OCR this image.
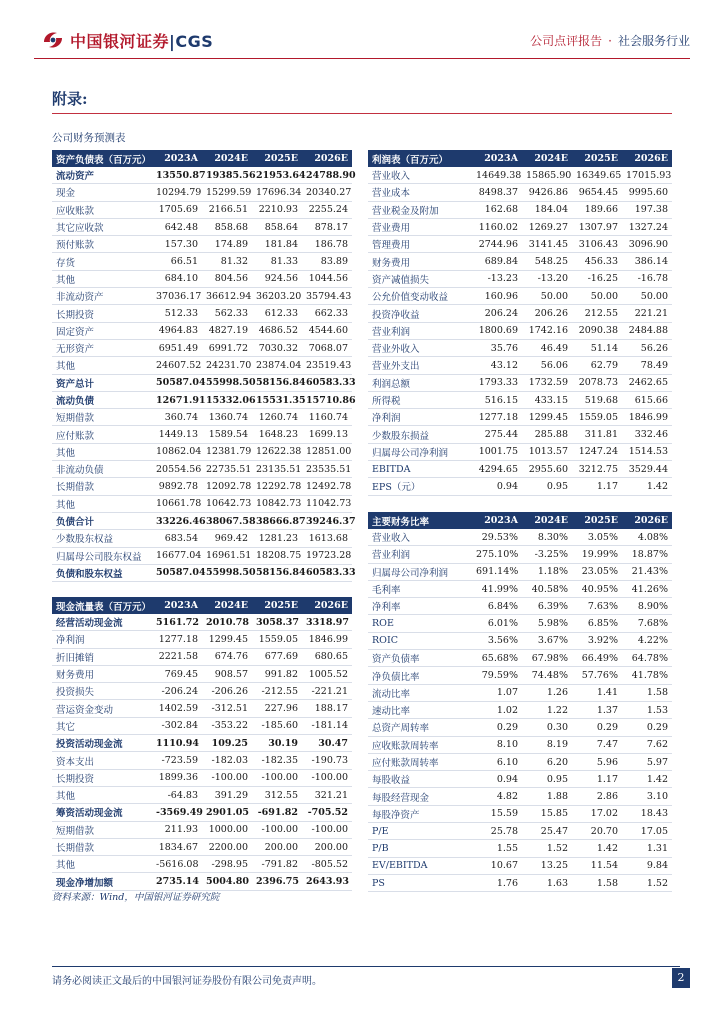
中国银河证券|CGS	公司点评报告 · 社会服务行业
附录:
公司财务预测表
资产负债表（百万元）	2023A	2024E	2025E	2026E
流动资产	13550.87	19385.56	21953.64	24788.90
现金	10294.79	15299.59	17696.34	20340.27
应收账款	1705.69	2166.51	2210.93	2255.24
其它应收款	642.48	858.68	858.64	878.17
预付账款	157.30	174.89	181.84	186.78
存货	66.51	81.32	81.33	83.89
其他	684.10	804.56	924.56	1044.56
非流动资产	37036.17	36612.94	36203.20	35794.43
长期投资	512.33	562.33	612.33	662.33
固定资产	4964.83	4827.19	4686.52	4544.60
无形资产	6951.49	6991.72	7030.32	7068.07
其他	24607.52	24231.70	23874.04	23519.43
资产总计	50587.04	55998.50	58156.84	60583.33
流动负债	12671.91	15332.06	15531.35	15710.86
短期借款	360.74	1360.74	1260.74	1160.74
应付账款	1449.13	1589.54	1648.23	1699.13
其他	10862.04	12381.79	12622.38	12851.00
非流动负债	20554.56	22735.51	23135.51	23535.51
长期借款	9892.78	12092.78	12292.78	12492.78
其他	10661.78	10642.73	10842.73	11042.73
负债合计	33226.46	38067.58	38666.87	39246.37
少数股东权益	683.54	969.42	1281.23	1613.68
归属母公司股东权益	16677.04	16961.51	18208.75	19723.28
负债和股东权益	50587.04	55998.50	58156.84	60583.33
利润表（百万元）	2023A	2024E	2025E	2026E
营业收入	14649.38	15865.90	16349.65	17015.93
营业成本	8498.37	9426.86	9654.45	9995.60
营业税金及附加	162.68	184.04	189.66	197.38
营业费用	1160.02	1269.27	1307.97	1327.24
管理费用	2744.96	3141.45	3106.43	3096.90
财务费用	689.84	548.25	456.33	386.14
资产减值损失	-13.23	-13.20	-16.25	-16.78
公允价值变动收益	160.96	50.00	50.00	50.00
投资净收益	206.24	206.26	212.55	221.21
营业利润	1800.69	1742.16	2090.38	2484.88
营业外收入	35.76	46.49	51.14	56.26
营业外支出	43.12	56.06	62.79	78.49
利润总额	1793.33	1732.59	2078.73	2462.65
所得税	516.15	433.15	519.68	615.66
净利润	1277.18	1299.45	1559.05	1846.99
少数股东损益	275.44	285.88	311.81	332.46
归属母公司净利润	1001.75	1013.57	1247.24	1514.53
EBITDA	4294.65	2955.60	3212.75	3529.44
EPS（元）	0.94	0.95	1.17	1.42
现金流量表（百万元）	2023A	2024E	2025E	2026E
经营活动现金流	5161.72	2010.78	3058.37	3318.97
净利润	1277.18	1299.45	1559.05	1846.99
折旧摊销	2221.58	674.76	677.69	680.65
财务费用	769.45	908.57	991.82	1005.52
投资损失	-206.24	-206.26	-212.55	-221.21
营运资金变动	1402.59	-312.51	227.96	188.17
其它	-302.84	-353.22	-185.60	-181.14
投资活动现金流	1110.94	109.25	30.19	30.47
资本支出	-723.59	-182.03	-182.35	-190.73
长期投资	1899.36	-100.00	-100.00	-100.00
其他	-64.83	391.29	312.55	321.21
筹资活动现金流	-3569.49	2901.05	-691.82	-705.52
短期借款	211.93	1000.00	-100.00	-100.00
长期借款	1834.67	2200.00	200.00	200.00
其他	-5616.08	-298.95	-791.82	-805.52
现金净增加额	2735.14	5004.80	2396.75	2643.93
主要财务比率	2023A	2024E	2025E	2026E
营业收入	29.53%	8.30%	3.05%	4.08%
营业利润	275.10%	-3.25%	19.99%	18.87%
归属母公司净利润	691.14%	1.18%	23.05%	21.43%
毛利率	41.99%	40.58%	40.95%	41.26%
净利率	6.84%	6.39%	7.63%	8.90%
ROE	6.01%	5.98%	6.85%	7.68%
ROIC	3.56%	3.67%	3.92%	4.22%
资产负债率	65.68%	67.98%	66.49%	64.78%
净负债比率	79.59%	74.48%	57.76%	41.78%
流动比率	1.07	1.26	1.41	1.58
速动比率	1.02	1.22	1.37	1.53
总资产周转率	0.29	0.30	0.29	0.29
应收账款周转率	8.10	8.19	7.47	7.62
应付账款周转率	6.10	6.20	5.96	5.97
每股收益	0.94	0.95	1.17	1.42
每股经营现金	4.82	1.88	2.86	3.10
每股净资产	15.59	15.85	17.02	18.43
P/E	25.78	25.47	20.70	17.05
P/B	1.55	1.52	1.42	1.31
EV/EBITDA	10.67	13.25	11.54	9.84
PS	1.76	1.63	1.58	1.52
资料来源：Wind，中国银河证券研究院
请务必阅读正文最后的中国银河证券股份有限公司免责声明。	2
